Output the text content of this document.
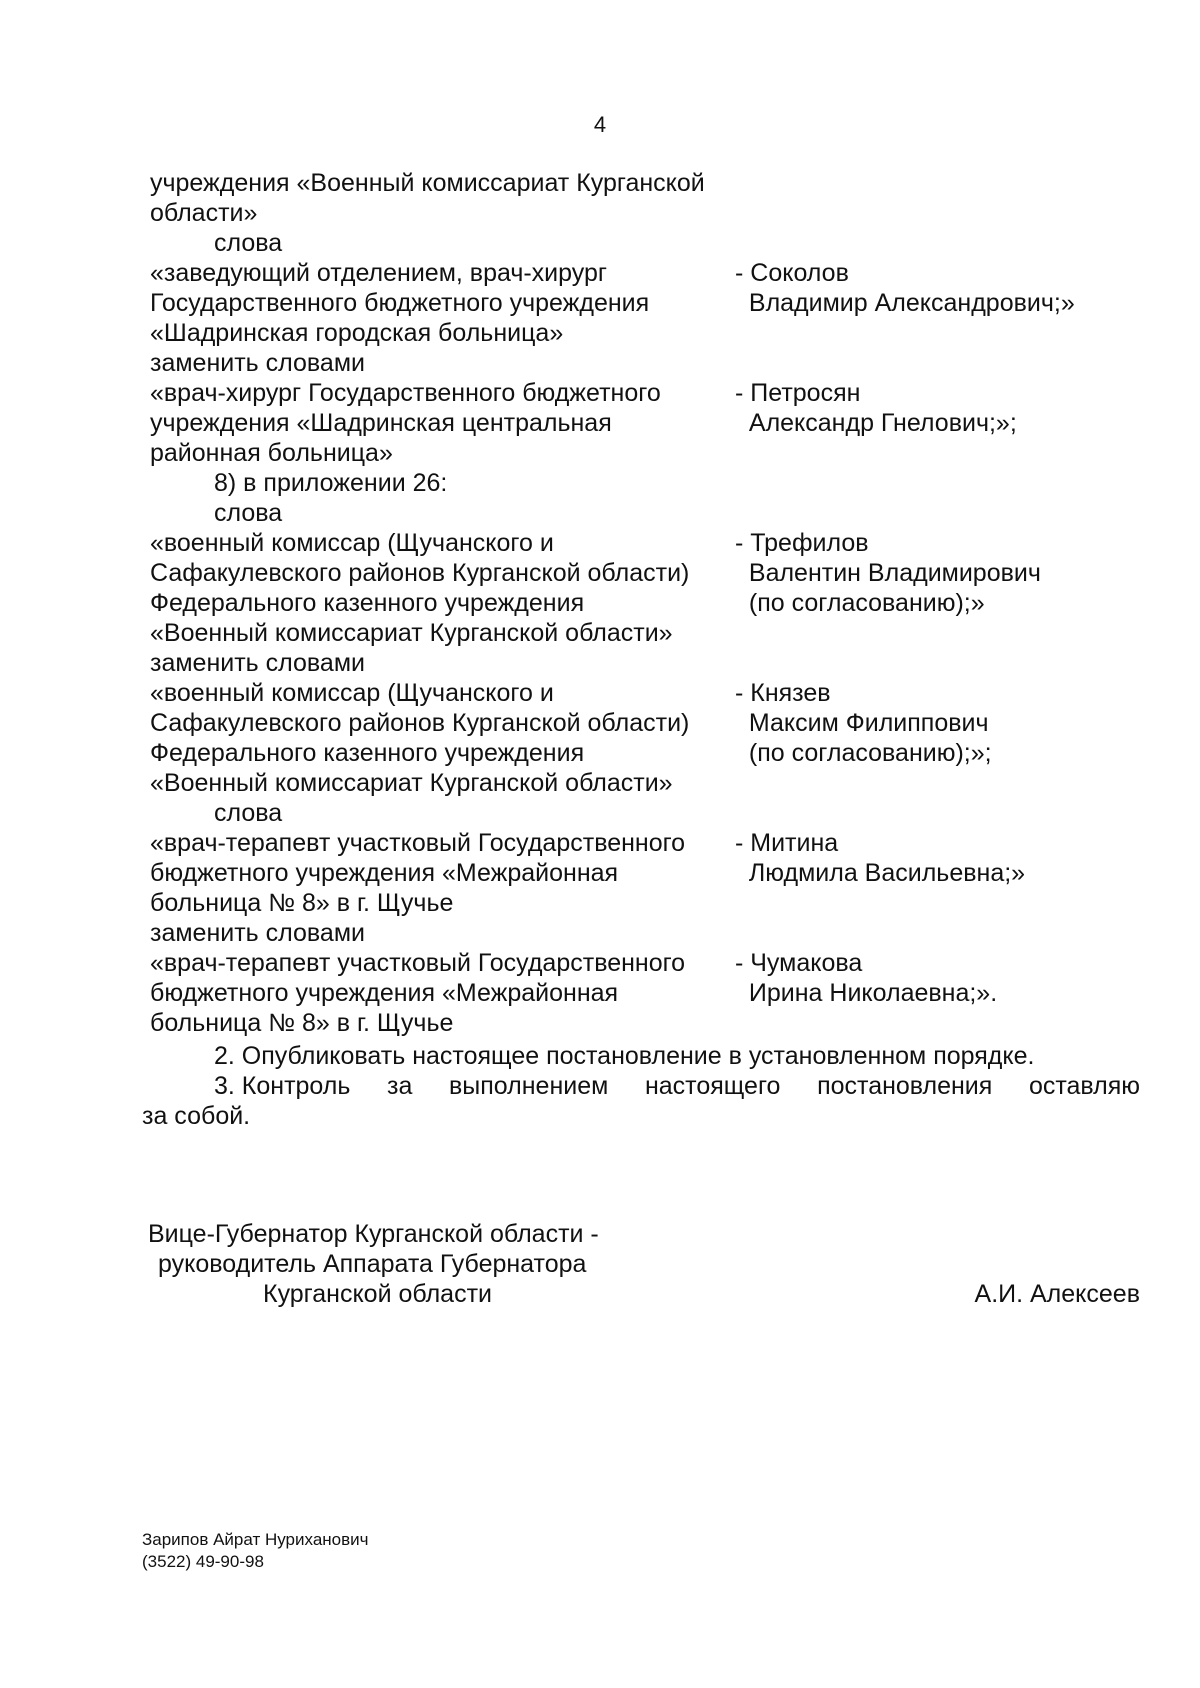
4
учреждения «Военный комиссариат Курганской
области»
слова
«заведующий отделением, врач-хирург
Государственного бюджетного учреждения
«Шадринская городская больница»
- Соколов
Владимир Александрович;»
заменить словами
«врач-хирург Государственного бюджетного
учреждения «Шадринская центральная
районная больница»
- Петросян
Александр Гнелович;»;
8) в приложении 26:
слова
«военный комиссар (Щучанского и
Сафакулевского районов Курганской области)
Федерального казенного учреждения
«Военный комиссариат Курганской области»
- Трефилов
Валентин Владимирович
(по согласованию);»
заменить словами
«военный комиссар (Щучанского и
Сафакулевского районов Курганской области)
Федерального казенного учреждения
«Военный комиссариат Курганской области»
- Князев
Максим Филиппович
(по согласованию);»;
слова
«врач-терапевт участковый Государственного
бюджетного учреждения «Межрайонная
больница № 8» в г. Щучье
- Митина
Людмила Васильевна;»
заменить словами
«врач-терапевт участковый Государственного
бюджетного учреждения «Межрайонная
больница № 8» в г. Щучье
- Чумакова
Ирина Николаевна;».
2. Опубликовать настоящее постановление в установленном порядке.
3. Контроль за выполнением настоящего постановления оставляю
за собой.
Вице-Губернатор Курганской области -
руководитель Аппарата Губернатора
Курганской области	А.И. Алексеев
Зарипов Айрат Нуриханович
(3522) 49-90-98
